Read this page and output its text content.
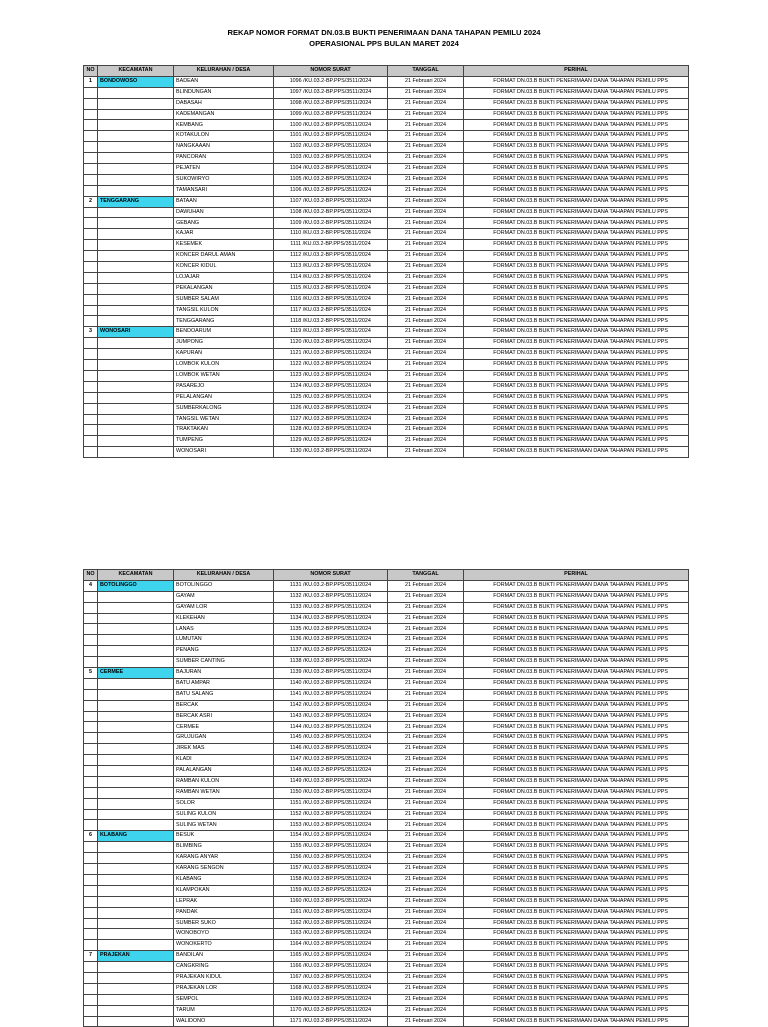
REKAP NOMOR FORMAT DN.03.B BUKTI PENERIMAAN DANA TAHAPAN PEMILU 2024
OPERASIONAL PPS BULAN MARET 2024
NO	KECAMATAN	KELURAHAN / DESA	NOMOR SURAT	TANGGAL	PERIHAL
1	BONDOWOSO	BADEAN	1096 /KU.03.2-BP.PPS/3511/2024	21 Februari 2024	FORMAT DN.03.B BUKTI PENERIMAAN DANA TAHAPAN PEMILU PPS
		BLINDUNGAN	1097 /KU.03.2-BP.PPS/3511/2024	21 Februari 2024	FORMAT DN.03.B BUKTI PENERIMAAN DANA TAHAPAN PEMILU PPS
		DABASAH	1098 /KU.03.2-BP.PPS/3511/2024	21 Februari 2024	FORMAT DN.03.B BUKTI PENERIMAAN DANA TAHAPAN PEMILU PPS
		KADEMANGAN	1099 /KU.03.2-BP.PPS/3511/2024	21 Februari 2024	FORMAT DN.03.B BUKTI PENERIMAAN DANA TAHAPAN PEMILU PPS
		KEMBANG	1100 /KU.03.2-BP.PPS/3511/2024	21 Februari 2024	FORMAT DN.03.B BUKTI PENERIMAAN DANA TAHAPAN PEMILU PPS
		KOTAKULON	1101 /KU.03.2-BP.PPS/3511/2024	21 Februari 2024	FORMAT DN.03.B BUKTI PENERIMAAN DANA TAHAPAN PEMILU PPS
		NANGKAAAN	1102 /KU.03.2-BP.PPS/3511/2024	21 Februari 2024	FORMAT DN.03.B BUKTI PENERIMAAN DANA TAHAPAN PEMILU PPS
		PANCORAN	1103 /KU.03.2-BP.PPS/3511/2024	21 Februari 2024	FORMAT DN.03.B BUKTI PENERIMAAN DANA TAHAPAN PEMILU PPS
		PEJATEN	1104 /KU.03.2-BP.PPS/3511/2024	21 Februari 2024	FORMAT DN.03.B BUKTI PENERIMAAN DANA TAHAPAN PEMILU PPS
		SUKOWIRYO	1105 /KU.03.2-BP.PPS/3511/2024	21 Februari 2024	FORMAT DN.03.B BUKTI PENERIMAAN DANA TAHAPAN PEMILU PPS
		TAMANSARI	1106 /KU.03.2-BP.PPS/3511/2024	21 Februari 2024	FORMAT DN.03.B BUKTI PENERIMAAN DANA TAHAPAN PEMILU PPS
2	TENGGARANG	BATAAN	1107 /KU.03.2-BP.PPS/3511/2024	21 Februari 2024	FORMAT DN.03.B BUKTI PENERIMAAN DANA TAHAPAN PEMILU PPS
		DAWUHAN	1108 /KU.03.2-BP.PPS/3511/2024	21 Februari 2024	FORMAT DN.03.B BUKTI PENERIMAAN DANA TAHAPAN PEMILU PPS
		GEBANG	1109 /KU.03.2-BP.PPS/3511/2024	21 Februari 2024	FORMAT DN.03.B BUKTI PENERIMAAN DANA TAHAPAN PEMILU PPS
		KAJAR	1110 /KU.03.2-BP.PPS/3511/2024	21 Februari 2024	FORMAT DN.03.B BUKTI PENERIMAAN DANA TAHAPAN PEMILU PPS
		KESEMEK	1111 /KU.03.2-BP.PPS/3511/2024	21 Februari 2024	FORMAT DN.03.B BUKTI PENERIMAAN DANA TAHAPAN PEMILU PPS
		KONCER DARUL AMAN	1112 /KU.03.2-BP.PPS/3511/2024	21 Februari 2024	FORMAT DN.03.B BUKTI PENERIMAAN DANA TAHAPAN PEMILU PPS
		KONCER KIDUL	1113 /KU.03.2-BP.PPS/3511/2024	21 Februari 2024	FORMAT DN.03.B BUKTI PENERIMAAN DANA TAHAPAN PEMILU PPS
		LOJAJAR	1114 /KU.03.2-BP.PPS/3511/2024	21 Februari 2024	FORMAT DN.03.B BUKTI PENERIMAAN DANA TAHAPAN PEMILU PPS
		PEKALANGAN	1115 /KU.03.2-BP.PPS/3511/2024	21 Februari 2024	FORMAT DN.03.B BUKTI PENERIMAAN DANA TAHAPAN PEMILU PPS
		SUMBER SALAM	1116 /KU.03.2-BP.PPS/3511/2024	21 Februari 2024	FORMAT DN.03.B BUKTI PENERIMAAN DANA TAHAPAN PEMILU PPS
		TANGSIL KULON	1117 /KU.03.2-BP.PPS/3511/2024	21 Februari 2024	FORMAT DN.03.B BUKTI PENERIMAAN DANA TAHAPAN PEMILU PPS
		TENGGARANG	1118 /KU.03.2-BP.PPS/3511/2024	21 Februari 2024	FORMAT DN.03.B BUKTI PENERIMAAN DANA TAHAPAN PEMILU PPS
3	WONOSARI	BENDOARUM	1119 /KU.03.2-BP.PPS/3511/2024	21 Februari 2024	FORMAT DN.03.B BUKTI PENERIMAAN DANA TAHAPAN PEMILU PPS
		JUMPONG	1120 /KU.03.2-BP.PPS/3511/2024	21 Februari 2024	FORMAT DN.03.B BUKTI PENERIMAAN DANA TAHAPAN PEMILU PPS
		KAPURAN	1121 /KU.03.2-BP.PPS/3511/2024	21 Februari 2024	FORMAT DN.03.B BUKTI PENERIMAAN DANA TAHAPAN PEMILU PPS
		LOMBOK KULON	1122 /KU.03.2-BP.PPS/3511/2024	21 Februari 2024	FORMAT DN.03.B BUKTI PENERIMAAN DANA TAHAPAN PEMILU PPS
		LOMBOK WETAN	1123 /KU.03.2-BP.PPS/3511/2024	21 Februari 2024	FORMAT DN.03.B BUKTI PENERIMAAN DANA TAHAPAN PEMILU PPS
		PASAREJO	1124 /KU.03.2-BP.PPS/3511/2024	21 Februari 2024	FORMAT DN.03.B BUKTI PENERIMAAN DANA TAHAPAN PEMILU PPS
		PELALANGAN	1125 /KU.03.2-BP.PPS/3511/2024	21 Februari 2024	FORMAT DN.03.B BUKTI PENERIMAAN DANA TAHAPAN PEMILU PPS
		SUMBERKALONG	1126 /KU.03.2-BP.PPS/3511/2024	21 Februari 2024	FORMAT DN.03.B BUKTI PENERIMAAN DANA TAHAPAN PEMILU PPS
		TANGSIL WETAN	1127 /KU.03.2-BP.PPS/3511/2024	21 Februari 2024	FORMAT DN.03.B BUKTI PENERIMAAN DANA TAHAPAN PEMILU PPS
		TRAKTAKAN	1128 /KU.03.2-BP.PPS/3511/2024	21 Februari 2024	FORMAT DN.03.B BUKTI PENERIMAAN DANA TAHAPAN PEMILU PPS
		TUMPENG	1129 /KU.03.2-BP.PPS/3511/2024	21 Februari 2024	FORMAT DN.03.B BUKTI PENERIMAAN DANA TAHAPAN PEMILU PPS
		WONOSARI	1130 /KU.03.2-BP.PPS/3511/2024	21 Februari 2024	FORMAT DN.03.B BUKTI PENERIMAAN DANA TAHAPAN PEMILU PPS
NO	KECAMATAN	KELURAHAN / DESA	NOMOR SURAT	TANGGAL	PERIHAL
4	BOTOLINGGO	BOTOLINGGO	1131 /KU.03.2-BP.PPS/3511/2024	21 Februari 2024	FORMAT DN.03.B BUKTI PENERIMAAN DANA TAHAPAN PEMILU PPS
		GAYAM	1132 /KU.03.2-BP.PPS/3511/2024	21 Februari 2024	FORMAT DN.03.B BUKTI PENERIMAAN DANA TAHAPAN PEMILU PPS
		GAYAM LOR	1133 /KU.03.2-BP.PPS/3511/2024	21 Februari 2024	FORMAT DN.03.B BUKTI PENERIMAAN DANA TAHAPAN PEMILU PPS
		KLEKEHAN	1134 /KU.03.2-BP.PPS/3511/2024	21 Februari 2024	FORMAT DN.03.B BUKTI PENERIMAAN DANA TAHAPAN PEMILU PPS
		LANAS	1135 /KU.03.2-BP.PPS/3511/2024	21 Februari 2024	FORMAT DN.03.B BUKTI PENERIMAAN DANA TAHAPAN PEMILU PPS
		LUMUTAN	1136 /KU.03.2-BP.PPS/3511/2024	21 Februari 2024	FORMAT DN.03.B BUKTI PENERIMAAN DANA TAHAPAN PEMILU PPS
		PENANG	1137 /KU.03.2-BP.PPS/3511/2024	21 Februari 2024	FORMAT DN.03.B BUKTI PENERIMAAN DANA TAHAPAN PEMILU PPS
		SUMBER CANTING	1138 /KU.03.2-BP.PPS/3511/2024	21 Februari 2024	FORMAT DN.03.B BUKTI PENERIMAAN DANA TAHAPAN PEMILU PPS
5	CERMEE	BAJURAN	1139 /KU.03.2-BP.PPS/3511/2024	21 Februari 2024	FORMAT DN.03.B BUKTI PENERIMAAN DANA TAHAPAN PEMILU PPS
		BATU AMPAR	1140 /KU.03.2-BP.PPS/3511/2024	21 Februari 2024	FORMAT DN.03.B BUKTI PENERIMAAN DANA TAHAPAN PEMILU PPS
		BATU SALANG	1141 /KU.03.2-BP.PPS/3511/2024	21 Februari 2024	FORMAT DN.03.B BUKTI PENERIMAAN DANA TAHAPAN PEMILU PPS
		BERCAK	1142 /KU.03.2-BP.PPS/3511/2024	21 Februari 2024	FORMAT DN.03.B BUKTI PENERIMAAN DANA TAHAPAN PEMILU PPS
		BERCAK ASRI	1143 /KU.03.2-BP.PPS/3511/2024	21 Februari 2024	FORMAT DN.03.B BUKTI PENERIMAAN DANA TAHAPAN PEMILU PPS
		CERMEE	1144 /KU.03.2-BP.PPS/3511/2024	21 Februari 2024	FORMAT DN.03.B BUKTI PENERIMAAN DANA TAHAPAN PEMILU PPS
		GRUJUGAN	1145 /KU.03.2-BP.PPS/3511/2024	21 Februari 2024	FORMAT DN.03.B BUKTI PENERIMAAN DANA TAHAPAN PEMILU PPS
		JIREK MAS	1146 /KU.03.2-BP.PPS/3511/2024	21 Februari 2024	FORMAT DN.03.B BUKTI PENERIMAAN DANA TAHAPAN PEMILU PPS
		KLADI	1147 /KU.03.2-BP.PPS/3511/2024	21 Februari 2024	FORMAT DN.03.B BUKTI PENERIMAAN DANA TAHAPAN PEMILU PPS
		PALALANGAN	1148 /KU.03.2-BP.PPS/3511/2024	21 Februari 2024	FORMAT DN.03.B BUKTI PENERIMAAN DANA TAHAPAN PEMILU PPS
		RAMBAN KULON	1149 /KU.03.2-BP.PPS/3511/2024	21 Februari 2024	FORMAT DN.03.B BUKTI PENERIMAAN DANA TAHAPAN PEMILU PPS
		RAMBAN WETAN	1150 /KU.03.2-BP.PPS/3511/2024	21 Februari 2024	FORMAT DN.03.B BUKTI PENERIMAAN DANA TAHAPAN PEMILU PPS
		SOLOR	1151 /KU.03.2-BP.PPS/3511/2024	21 Februari 2024	FORMAT DN.03.B BUKTI PENERIMAAN DANA TAHAPAN PEMILU PPS
		SULING KULON	1152 /KU.03.2-BP.PPS/3511/2024	21 Februari 2024	FORMAT DN.03.B BUKTI PENERIMAAN DANA TAHAPAN PEMILU PPS
		SULING WETAN	1153 /KU.03.2-BP.PPS/3511/2024	21 Februari 2024	FORMAT DN.03.B BUKTI PENERIMAAN DANA TAHAPAN PEMILU PPS
6	KLABANG	BESUK	1154 /KU.03.2-BP.PPS/3511/2024	21 Februari 2024	FORMAT DN.03.B BUKTI PENERIMAAN DANA TAHAPAN PEMILU PPS
		BLIMBING	1155 /KU.03.2-BP.PPS/3511/2024	21 Februari 2024	FORMAT DN.03.B BUKTI PENERIMAAN DANA TAHAPAN PEMILU PPS
		KARANG ANYAR	1156 /KU.03.2-BP.PPS/3511/2024	21 Februari 2024	FORMAT DN.03.B BUKTI PENERIMAAN DANA TAHAPAN PEMILU PPS
		KARANG SENGON	1157 /KU.03.2-BP.PPS/3511/2024	21 Februari 2024	FORMAT DN.03.B BUKTI PENERIMAAN DANA TAHAPAN PEMILU PPS
		KLABANG	1158 /KU.03.2-BP.PPS/3511/2024	21 Februari 2024	FORMAT DN.03.B BUKTI PENERIMAAN DANA TAHAPAN PEMILU PPS
		KLAMPOKAN	1159 /KU.03.2-BP.PPS/3511/2024	21 Februari 2024	FORMAT DN.03.B BUKTI PENERIMAAN DANA TAHAPAN PEMILU PPS
		LEPRAK	1160 /KU.03.2-BP.PPS/3511/2024	21 Februari 2024	FORMAT DN.03.B BUKTI PENERIMAAN DANA TAHAPAN PEMILU PPS
		PANDAK	1161 /KU.03.2-BP.PPS/3511/2024	21 Februari 2024	FORMAT DN.03.B BUKTI PENERIMAAN DANA TAHAPAN PEMILU PPS
		SUMBER SUKO	1162 /KU.03.2-BP.PPS/3511/2024	21 Februari 2024	FORMAT DN.03.B BUKTI PENERIMAAN DANA TAHAPAN PEMILU PPS
		WONOBOYO	1163 /KU.03.2-BP.PPS/3511/2024	21 Februari 2024	FORMAT DN.03.B BUKTI PENERIMAAN DANA TAHAPAN PEMILU PPS
		WONOKERTO	1164 /KU.03.2-BP.PPS/3511/2024	21 Februari 2024	FORMAT DN.03.B BUKTI PENERIMAAN DANA TAHAPAN PEMILU PPS
7	PRAJEKAN	BANDILAN	1165 /KU.03.2-BP.PPS/3511/2024	21 Februari 2024	FORMAT DN.03.B BUKTI PENERIMAAN DANA TAHAPAN PEMILU PPS
		CANGKRING	1166 /KU.03.2-BP.PPS/3511/2024	21 Februari 2024	FORMAT DN.03.B BUKTI PENERIMAAN DANA TAHAPAN PEMILU PPS
		PRAJEKAN KIDUL	1167 /KU.03.2-BP.PPS/3511/2024	21 Februari 2024	FORMAT DN.03.B BUKTI PENERIMAAN DANA TAHAPAN PEMILU PPS
		PRAJEKAN LOR	1168 /KU.03.2-BP.PPS/3511/2024	21 Februari 2024	FORMAT DN.03.B BUKTI PENERIMAAN DANA TAHAPAN PEMILU PPS
		SEMPOL	1169 /KU.03.2-BP.PPS/3511/2024	21 Februari 2024	FORMAT DN.03.B BUKTI PENERIMAAN DANA TAHAPAN PEMILU PPS
		TARUM	1170 /KU.03.2-BP.PPS/3511/2024	21 Februari 2024	FORMAT DN.03.B BUKTI PENERIMAAN DANA TAHAPAN PEMILU PPS
		WALIDONO	1171 /KU.03.2-BP.PPS/3511/2024	21 Februari 2024	FORMAT DN.03.B BUKTI PENERIMAAN DANA TAHAPAN PEMILU PPS
